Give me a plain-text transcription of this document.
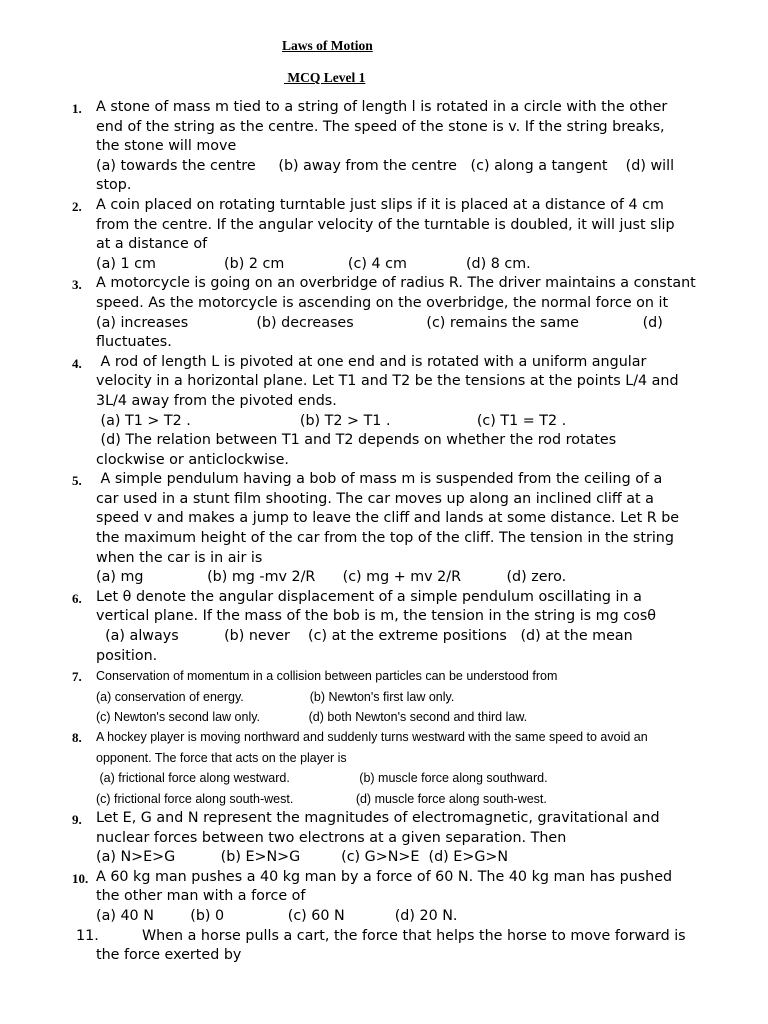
Laws of Motion
MCQ Level 1
1. A stone of mass m tied to a string of length l is rotated in a circle with the other
end of the string as the centre. The speed of the stone is v. If the string breaks,
the stone will move
(a) towards the centre     (b) away from the centre   (c) along a tangent    (d) will
stop.
2. A coin placed on rotating turntable just slips if it is placed at a distance of 4 cm
from the centre. If the angular velocity of the turntable is doubled, it will just slip
at a distance of
(a) 1 cm               (b) 2 cm              (c) 4 cm             (d) 8 cm.
3. A motorcycle is going on an overbridge of radius R. The driver maintains a constant
speed. As the motorcycle is ascending on the overbridge, the normal force on it
(a) increases               (b) decreases                (c) remains the same              (d)
fluctuates.
4.	A rod of length L is pivoted at one end and is rotated with a uniform angular
velocity in a horizontal plane. Let T1 and T2 be the tensions at the points L/4 and
3L/4 away from the pivoted ends.
(a) T1 > T2 .                        (b) T2 > T1 .                   (c) T1 = T2 .
(d) The relation between T1 and T2 depends on whether the rod rotates
clockwise or anticlockwise.
5.	A simple pendulum having a bob of mass m is suspended from the ceiling of a
car used in a stunt film shooting. The car moves up along an inclined cliff at a
speed v and makes a jump to leave the cliff and lands at some distance. Let R be
the maximum height of the car from the top of the cliff. The tension in the string
when the car is in air is
(a) mg              (b) mg -mv 2/R      (c) mg + mv 2/R          (d) zero.
6. Let θ denote the angular displacement of a simple pendulum oscillating in a
vertical plane. If the mass of the bob is m, the tension in the string is mg cosθ
(a) always          (b) never    (c) at the extreme positions   (d) at the mean
position.
7. Conservation of momentum in a collision between particles can be understood from
(a) conservation of energy.                   (b) Newton's first law only.
(c) Newton's second law only.              (d) both Newton's second and third law.
8. A hockey player is moving northward and suddenly turns westward with the same speed to avoid an
opponent. The force that acts on the player is
(a) frictional force along westward.                    (b) muscle force along southward.
(c) frictional force along south-west.                  (d) muscle force along south-west.
9. Let E, G and N represent the magnitudes of electromagnetic, gravitational and
nuclear forces between two electrons at a given separation. Then
(a) N>E>G          (b) E>N>G         (c) G>N>E  (d) E>G>N
10. A 60 kg man pushes a 40 kg man by a force of 60 N. The 40 kg man has pushed
the other man with a force of
(a) 40 N        (b) 0              (c) 60 N           (d) 20 N.
11.	When a horse pulls a cart, the force that helps the horse to move forward is
the force exerted by
